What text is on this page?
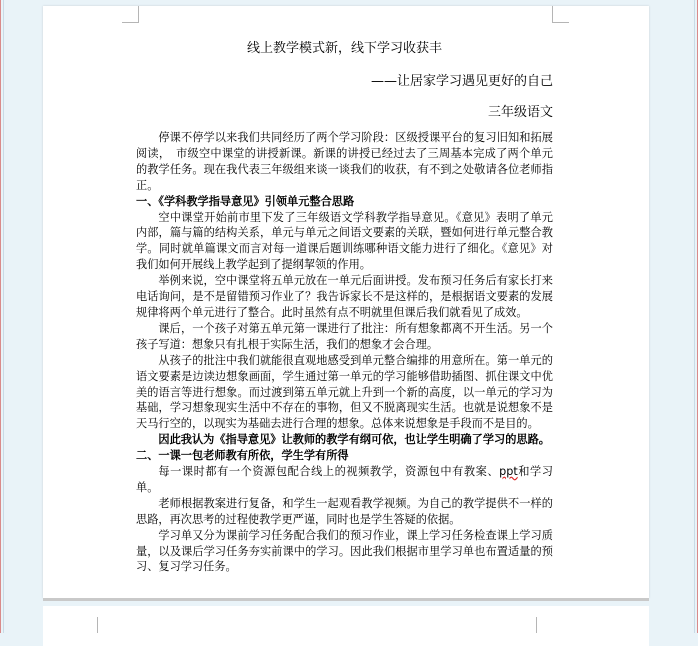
线上教学模式新，线下学习收获丰
——让居家学习遇见更好的自己
三年级语文

停课不停学以来我们共同经历了两个学习阶段：区级授课平台的复习旧知和拓展阅读，　市级空中课堂的讲授新课。新课的讲授已经过去了三周基本完成了两个单元的教学任务。现在我代表三年级组来谈一谈我们的收获，有不到之处敬请各位老师指正。

一、《学科教学指导意见》引领单元整合思路

空中课堂开始前市里下发了三年级语文学科教学指导意见。《意见》表明了单元内部，篇与篇的结构关系，单元与单元之间语文要素的关联，暨如何进行单元整合教学。同时就单篇课文而言对每一道课后题训练哪种语文能力进行了细化。《意见》对我们如何开展线上教学起到了提纲挈领的作用。

举例来说，空中课堂将五单元放在一单元后面讲授。发布预习任务后有家长打来电话询问，是不是留错预习作业了？我告诉家长不是这样的，是根据语文要素的发展规律将两个单元进行了整合。此时虽然有点不明就里但课后我们就看见了成效。

课后，一个孩子对第五单元第一课进行了批注：所有想象都离不开生活。另一个孩子写道：想象只有扎根于实际生活，我们的想象才会合理。

从孩子的批注中我们就能很直观地感受到单元整合编排的用意所在。第一单元的语文要素是边读边想象画面，学生通过第一单元的学习能够借助插图、抓住课文中优美的语言等进行想象。而过渡到第五单元就上升到一个新的高度，以一单元的学习为基础，学习想象现实生活中不存在的事物，但又不脱离现实生活。也就是说想象不是天马行空的，以现实为基础去进行合理的想象。总体来说想象是手段而不是目的。

因此我认为《指导意见》让教师的教学有纲可依，也让学生明确了学习的思路。

二、一课一包老师教有所依，学生学有所得

每一课时都有一个资源包配合线上的视频教学，资源包中有教案、ppt和学习单。

老师根据教案进行复备，和学生一起观看教学视频。为自己的教学提供不一样的思路，再次思考的过程使教学更严谨，同时也是学生答疑的依据。

学习单又分为课前学习任务配合我们的预习作业，课上学习任务检查课上学习质量，以及课后学习任务夯实前课中的学习。因此我们根据市里学习单也布置适量的预习、复习学习任务。
